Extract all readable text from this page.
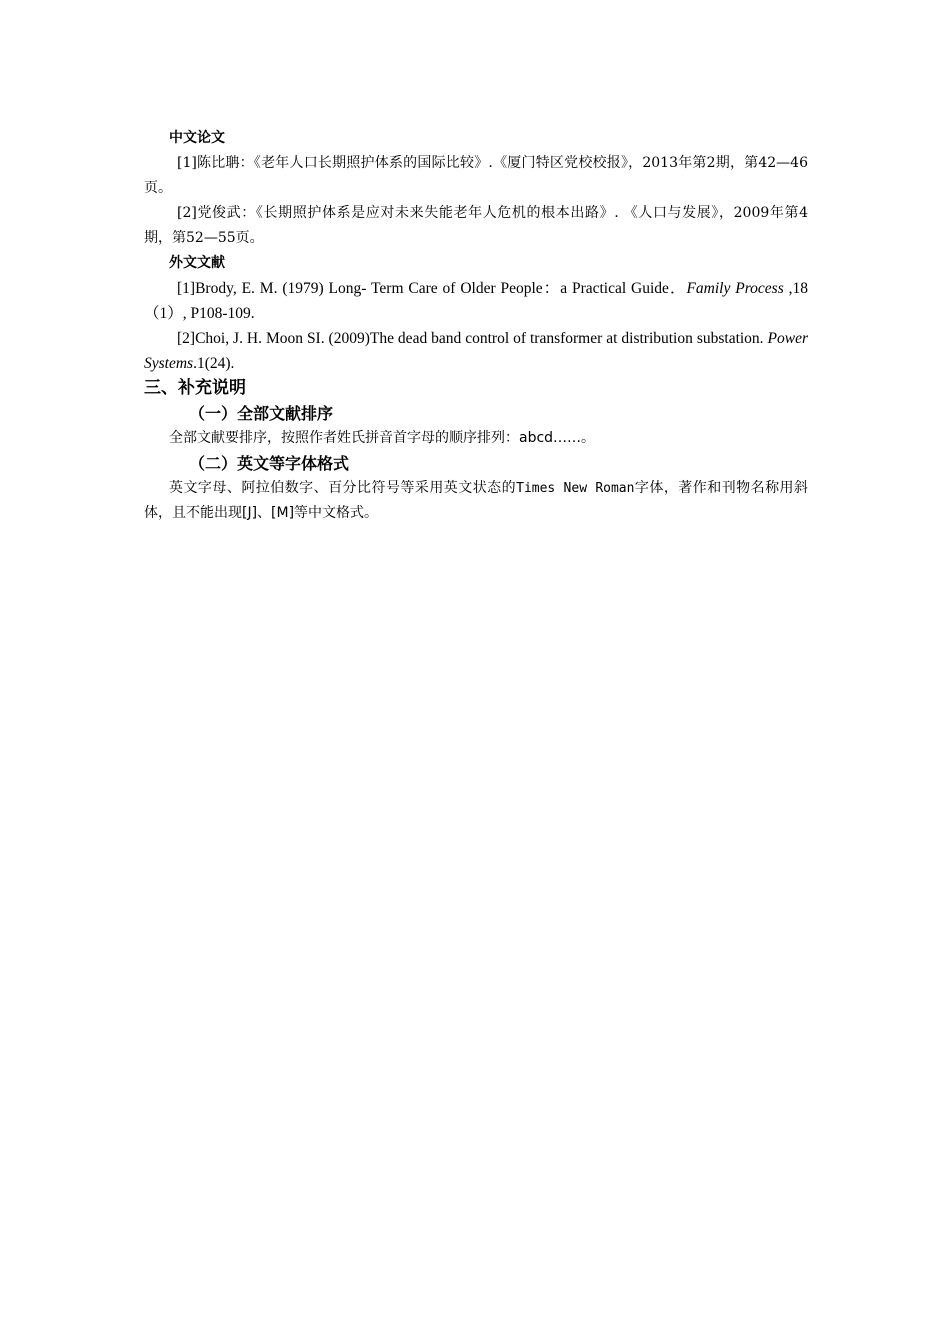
中文论文

[1]陈比聃：《老年人口长期照护体系的国际比较》.《厦门特区党校校报》，2013年第2期，第42—46页。

[2]党俊武：《长期照护体系是应对未来失能老年人危机的根本出路》. 《人口与发展》，2009年第4期，第52—55页。

外文文献

[1]Brody, E. M. (1979) Long- Term Care of Older People：a Practical Guide．Family Process ,18（1）, P108-109.

[2]Choi, J. H. Moon SI. (2009)The dead band control of transformer at distribution substation. Power Systems.1(24).

三、补充说明
（一）全部文献排序

全部文献要排序，按照作者姓氏拼音首字母的顺序排列：abcd……。

（二）英文等字体格式

英文字母、阿拉伯数字、百分比符号等采用英文状态的Times New Roman字体，著作和刊物名称用斜体，且不能出现[J]、[M]等中文格式。
